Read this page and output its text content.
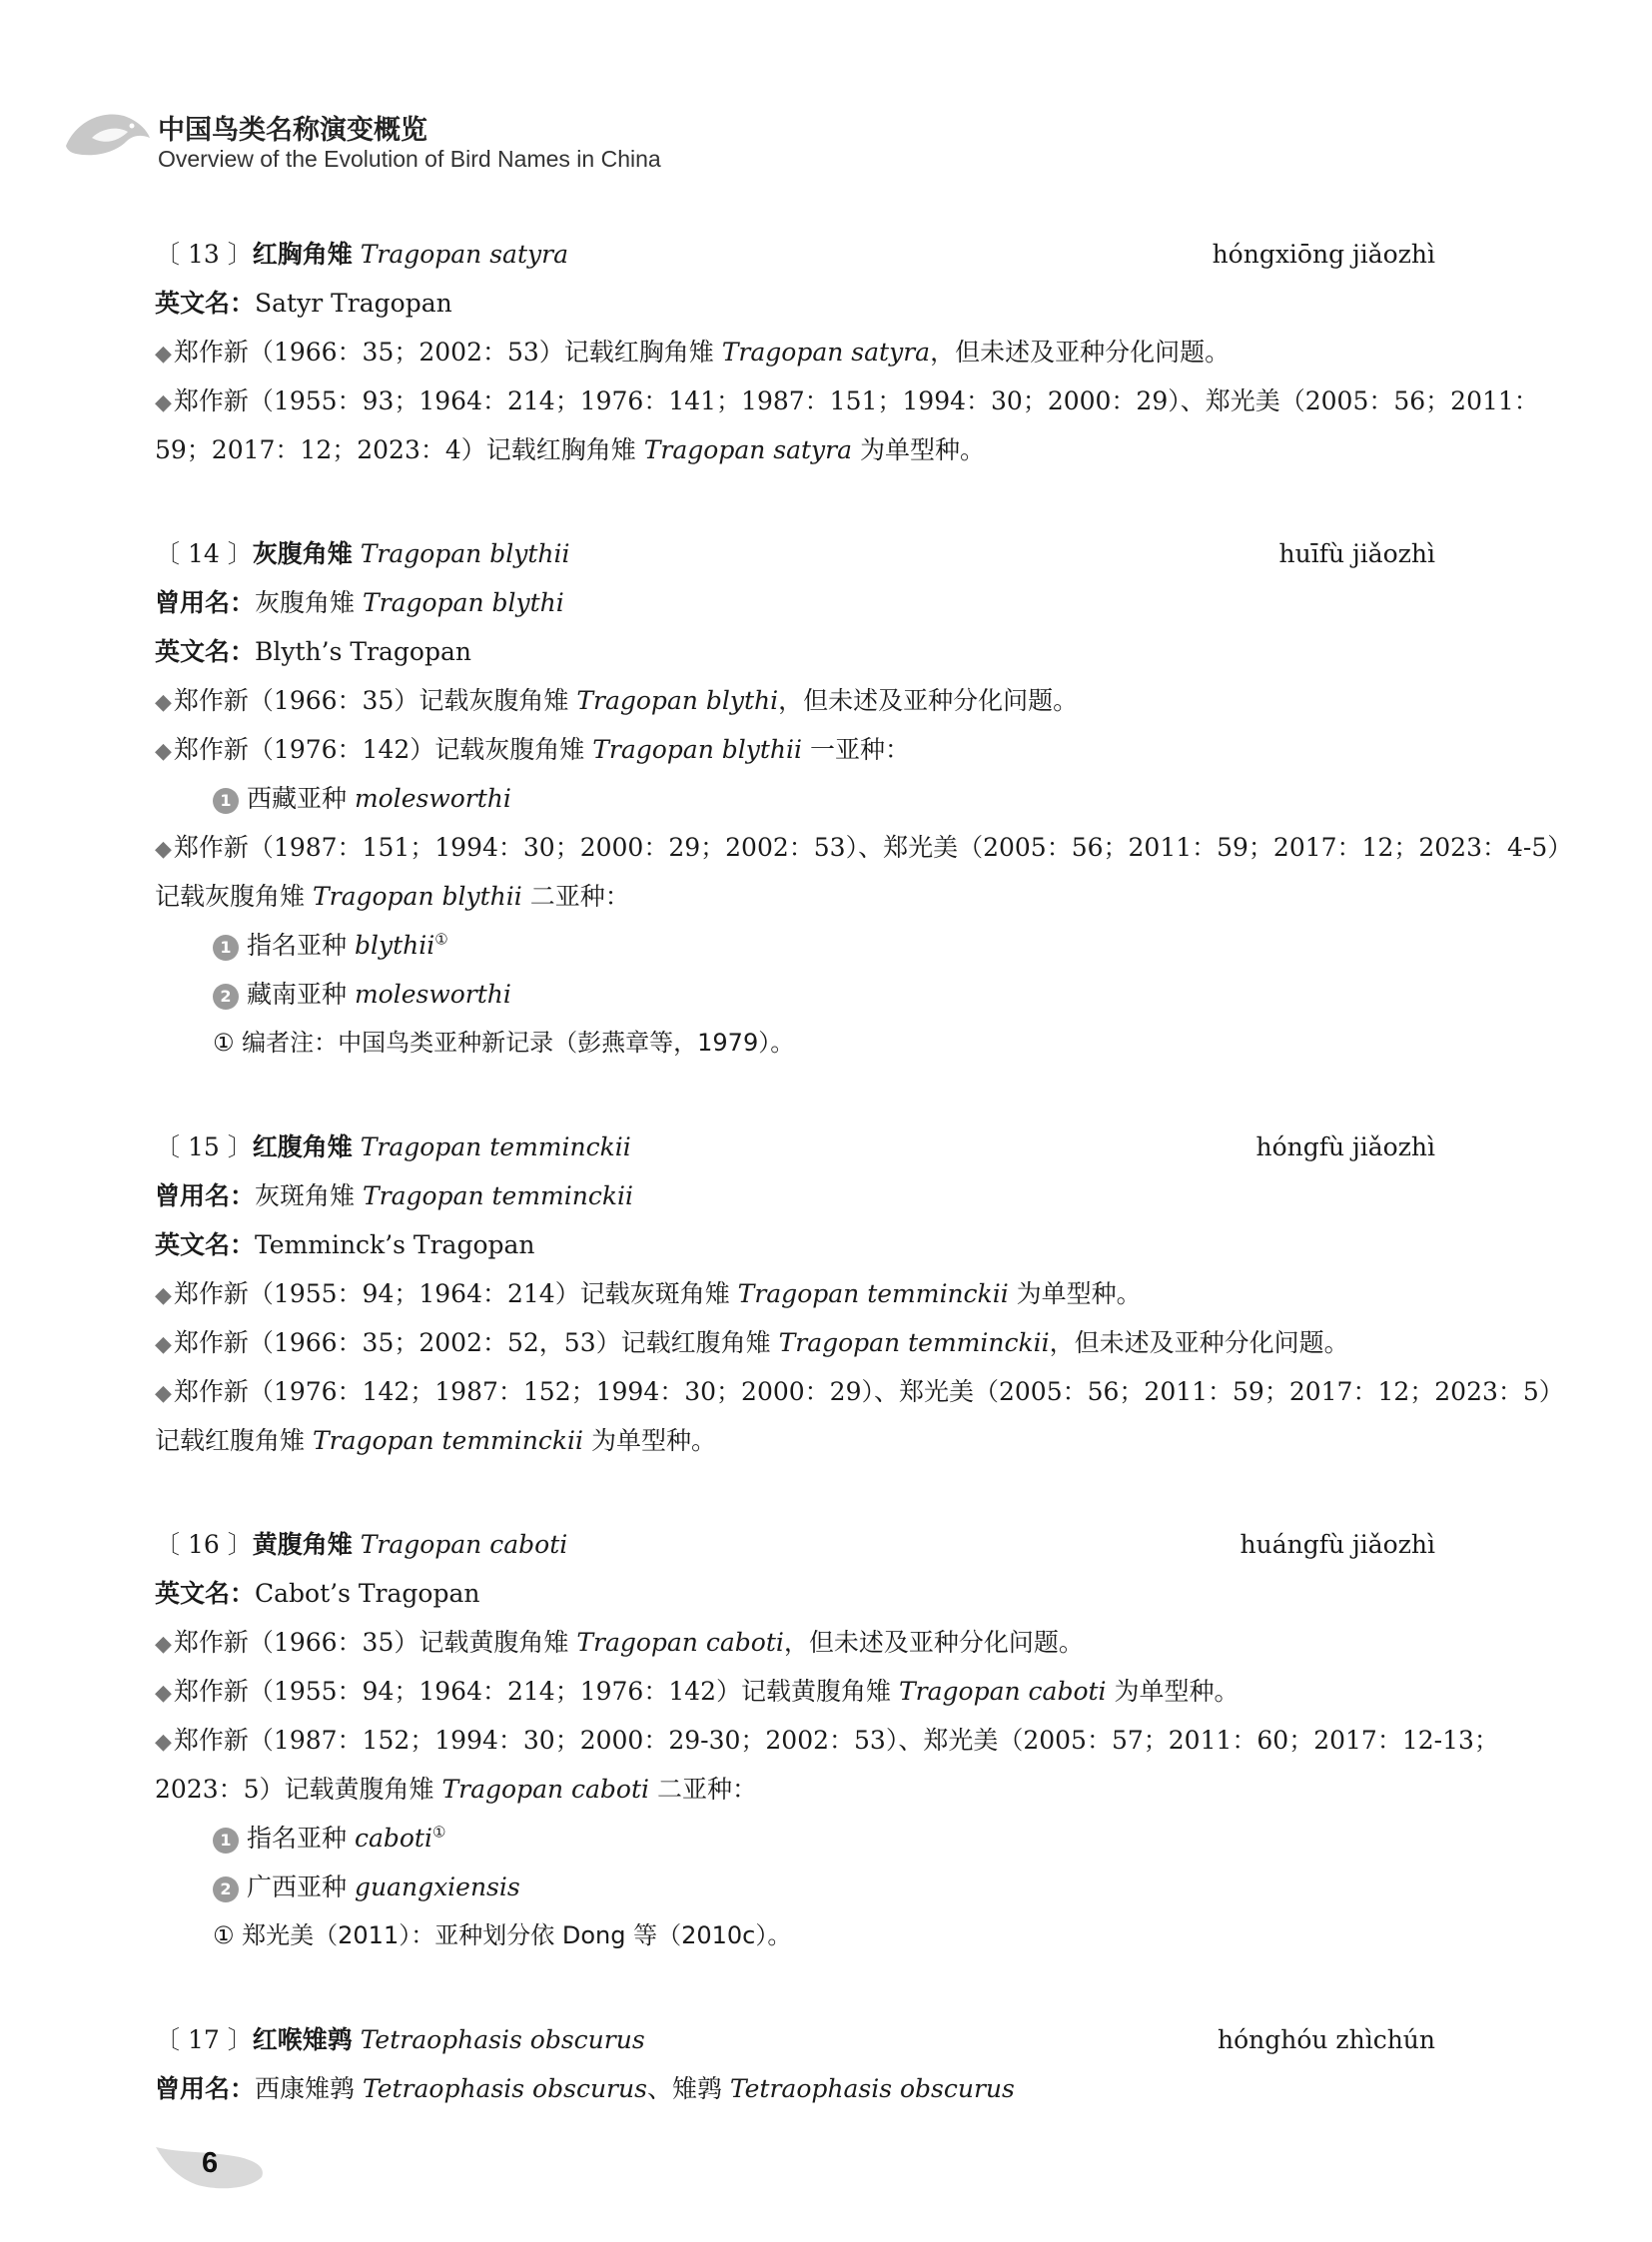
中国鸟类名称演变概览
Overview of the Evolution of Bird Names in China
〔 13 〕红胸角雉 Tragopan satyra	hóngxiōng jiǎozhì
英文名：Satyr Tragopan
◆郑作新（1966：35；2002：53）记载红胸角雉 Tragopan satyra，但未述及亚种分化问题。
◆郑作新（1955：93；1964：214；1976：141；1987：151；1994：30；2000：29）、郑光美（2005：56；2011：
59；2017：12；2023：4）记载红胸角雉 Tragopan satyra 为单型种。
〔 14 〕灰腹角雉 Tragopan blythii	huīfù jiǎozhì
曾用名：灰腹角雉 Tragopan blythi
英文名：Blyth’s Tragopan
◆郑作新（1966：35）记载灰腹角雉 Tragopan blythi，但未述及亚种分化问题。
◆郑作新（1976：142）记载灰腹角雉 Tragopan blythii 一亚种：
1 西藏亚种 molesworthi
◆郑作新（1987：151；1994：30；2000：29；2002：53）、郑光美（2005：56；2011：59；2017：12；2023：4-5）
记载灰腹角雉 Tragopan blythii 二亚种：
1 指名亚种 blythii①
2 藏南亚种 molesworthi
① 编者注：中国鸟类亚种新记录（彭燕章等，1979）。
〔 15 〕红腹角雉 Tragopan temminckii	hóngfù jiǎozhì
曾用名：灰斑角雉 Tragopan temminckii
英文名：Temminck’s Tragopan
◆郑作新（1955：94；1964：214）记载灰斑角雉 Tragopan temminckii 为单型种。
◆郑作新（1966：35；2002：52，53）记载红腹角雉 Tragopan temminckii，但未述及亚种分化问题。
◆郑作新（1976：142；1987：152；1994：30；2000：29）、郑光美（2005：56；2011：59；2017：12；2023：5）
记载红腹角雉 Tragopan temminckii 为单型种。
〔 16 〕黄腹角雉 Tragopan caboti	huángfù jiǎozhì
英文名：Cabot’s Tragopan
◆郑作新（1966：35）记载黄腹角雉 Tragopan caboti，但未述及亚种分化问题。
◆郑作新（1955：94；1964：214；1976：142）记载黄腹角雉 Tragopan caboti 为单型种。
◆郑作新（1987：152；1994：30；2000：29-30；2002：53）、郑光美（2005：57；2011：60；2017：12-13；
2023：5）记载黄腹角雉 Tragopan caboti 二亚种：
1 指名亚种 caboti①
2 广西亚种 guangxiensis
① 郑光美（2011）：亚种划分依 Dong 等（2010c）。
〔 17 〕红喉雉鹑 Tetraophasis obscurus	hónghóu zhìchún
曾用名：西康雉鹑 Tetraophasis obscurus、雉鹑 Tetraophasis obscurus
6
